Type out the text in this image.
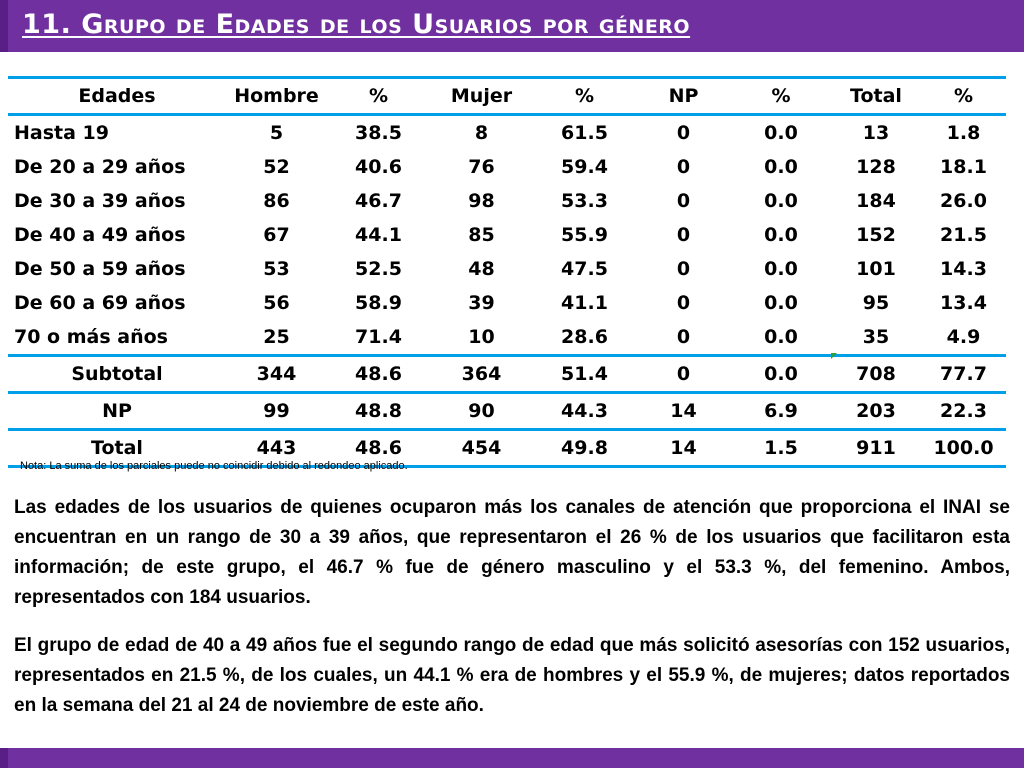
11. Grupo de Edades de los Usuarios por género
Edades	Hombre	%	Mujer	%	NP	%	Total	%
Hasta 19	5	38.5	8	61.5	0	0.0	13	1.8
De 20 a 29 años	52	40.6	76	59.4	0	0.0	128	18.1
De 30 a 39 años	86	46.7	98	53.3	0	0.0	184	26.0
De 40 a 49 años	67	44.1	85	55.9	0	0.0	152	21.5
De 50 a 59 años	53	52.5	48	47.5	0	0.0	101	14.3
De 60 a 69 años	56	58.9	39	41.1	0	0.0	95	13.4
70 o más años	25	71.4	10	28.6	0	0.0	35	4.9
Subtotal	344	48.6	364	51.4	0	0.0	708	77.7
NP	99	48.8	90	44.3	14	6.9	203	22.3
Total	443	48.6	454	49.8	14	1.5	911	100.0
Nota: La suma de los parciales puede no coincidir debido al redondeo aplicado.

Las edades de los usuarios de quienes ocuparon más los canales de atención que proporciona el INAI se encuentran en un rango de 30 a 39 años, que representaron el 26 % de los usuarios que facilitaron esta información; de este grupo, el 46.7 % fue de género masculino y el 53.3 %, del femenino. Ambos, representados con 184 usuarios.

El grupo de edad de 40 a 49 años fue el segundo rango de edad que más solicitó asesorías con 152 usuarios, representados en 21.5 %, de los cuales, un 44.1 % era de hombres y el 55.9 %, de mujeres; datos reportados en la semana del 21 al 24 de noviembre de este año.
